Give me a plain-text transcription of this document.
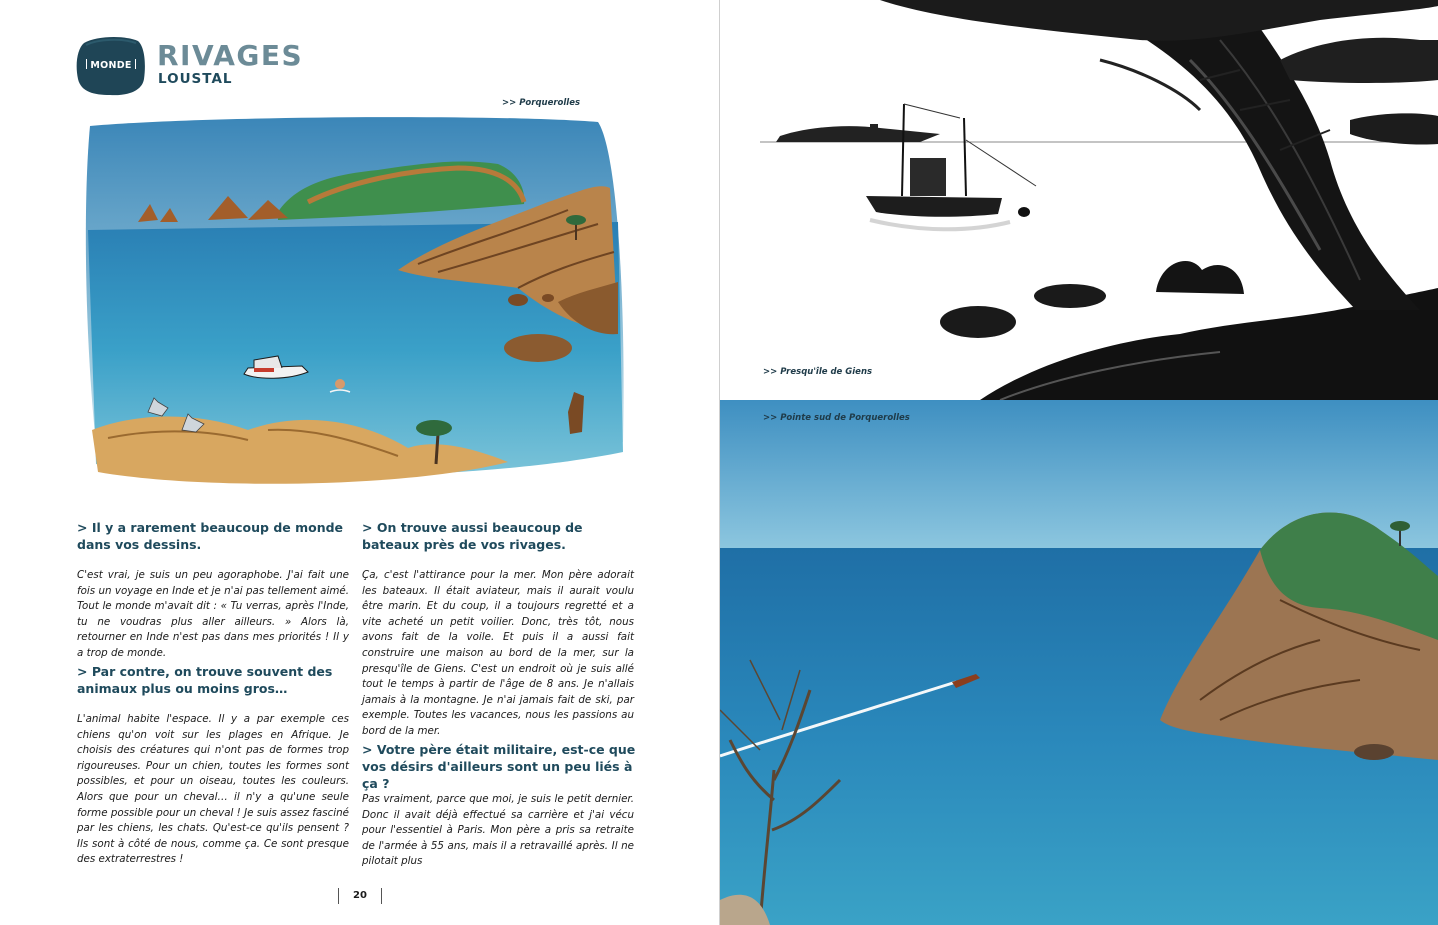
MONDE RIVAGES
LOUSTAL
>> Porquerolles
> Il y a rarement beaucoup de monde dans vos dessins.
C'est vrai, je suis un peu agoraphobe. J'ai fait une fois un voyage en Inde et je n'ai pas tellement aimé. Tout le monde m'avait dit : « Tu verras, après l'Inde, tu ne voudras plus aller ailleurs. » Alors là, retourner en Inde n'est pas dans mes priorités ! Il y a trop de monde.
> Par contre, on trouve souvent des animaux plus ou moins gros…
L'animal habite l'espace. Il y a par exemple ces chiens qu'on voit sur les plages en Afrique. Je choisis des créatures qui n'ont pas de formes trop rigoureuses. Pour un chien, toutes les formes sont possibles, et pour un oiseau, toutes les couleurs. Alors que pour un cheval… il n'y a qu'une seule forme possible pour un cheval ! Je suis assez fasciné par les chiens, les chats. Qu'est-ce qu'ils pensent ? Ils sont à côté de nous, comme ça. Ce sont presque des extraterrestres !
> On trouve aussi beaucoup de bateaux près de vos rivages.
Ça, c'est l'attirance pour la mer. Mon père adorait les bateaux. Il était aviateur, mais il aurait voulu être marin. Et du coup, il a toujours regretté et a vite acheté un petit voilier. Donc, très tôt, nous avons fait de la voile. Et puis il a aussi fait construire une maison au bord de la mer, sur la presqu'île de Giens. C'est un endroit où je suis allé tout le temps à partir de l'âge de 8 ans. Je n'allais jamais à la montagne. Je n'ai jamais fait de ski, par exemple. Toutes les vacances, nous les passions au bord de la mer.
> Votre père était militaire, est-ce que vos désirs d'ailleurs sont un peu liés à ça ?
Pas vraiment, parce que moi, je suis le petit dernier. Donc il avait déjà effectué sa carrière et j'ai vécu pour l'essentiel à Paris. Mon père a pris sa retraite de l'armée à 55 ans, mais il a retravaillé après. Il ne pilotait plus
20
>> Presqu'île de Giens
>> Pointe sud de Porquerolles
